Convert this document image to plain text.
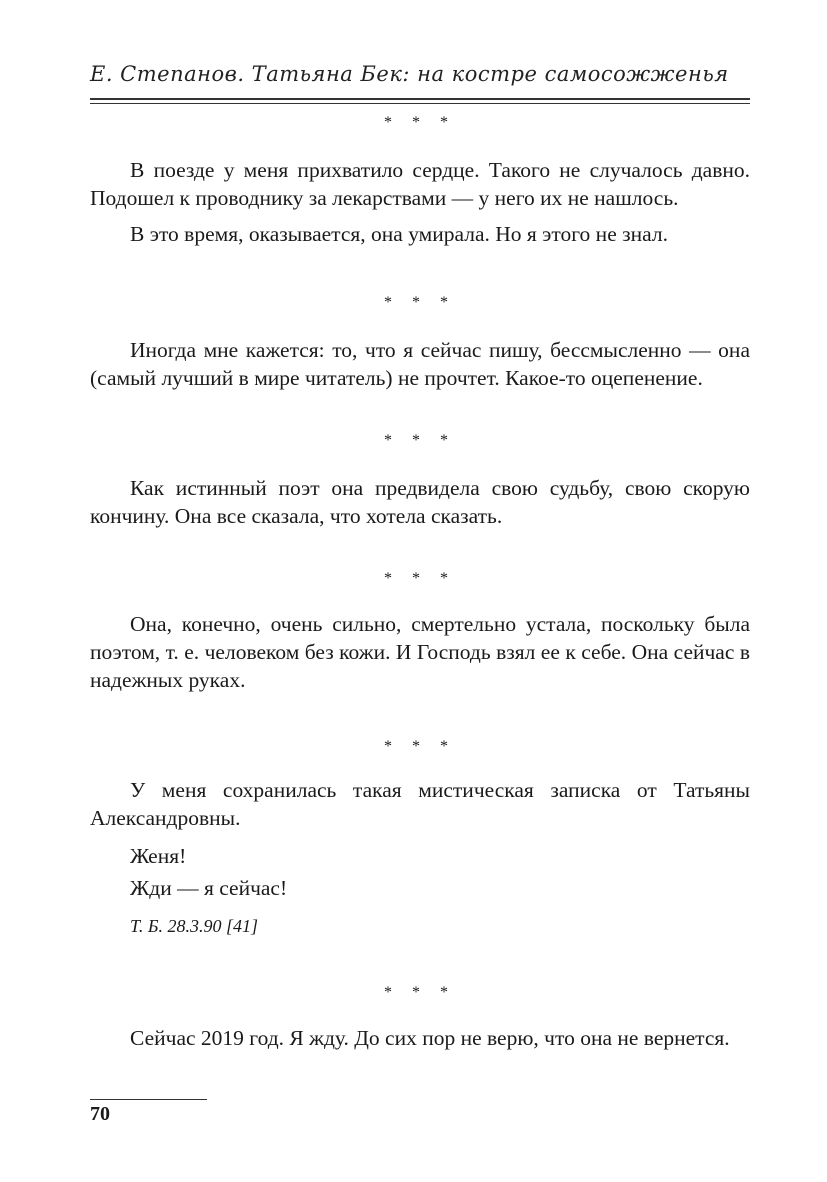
Е. Степанов. Татьяна Бек: на костре самосожженья
* * *

В поезде у меня прихватило сердце. Такого не случалось давно. Подошел к проводнику за лекарствами — у него их не нашлось.

В это время, оказывается, она умирала. Но я этого не знал.

* * *

Иногда мне кажется: то, что я сейчас пишу, бессмысленно — она (самый лучший в мире читатель) не прочтет. Какое-то оцепенение.

* * *

Как истинный поэт она предвидела свою судьбу, свою скорую кончину. Она все сказала, что хотела сказать.

* * *

Она, конечно, очень сильно, смертельно устала, поскольку была поэтом, т. е. человеком без кожи. И Господь взял ее к себе. Она сейчас в надежных руках.

* * *

У меня сохранилась такая мистическая записка от Татьяны Александровны.

Женя!
Жди — я сейчас!
Т. Б. 28.3.90 [41]
* * *

Сейчас 2019 год. Я жду. До сих пор не верю, что она не вернется.

70
